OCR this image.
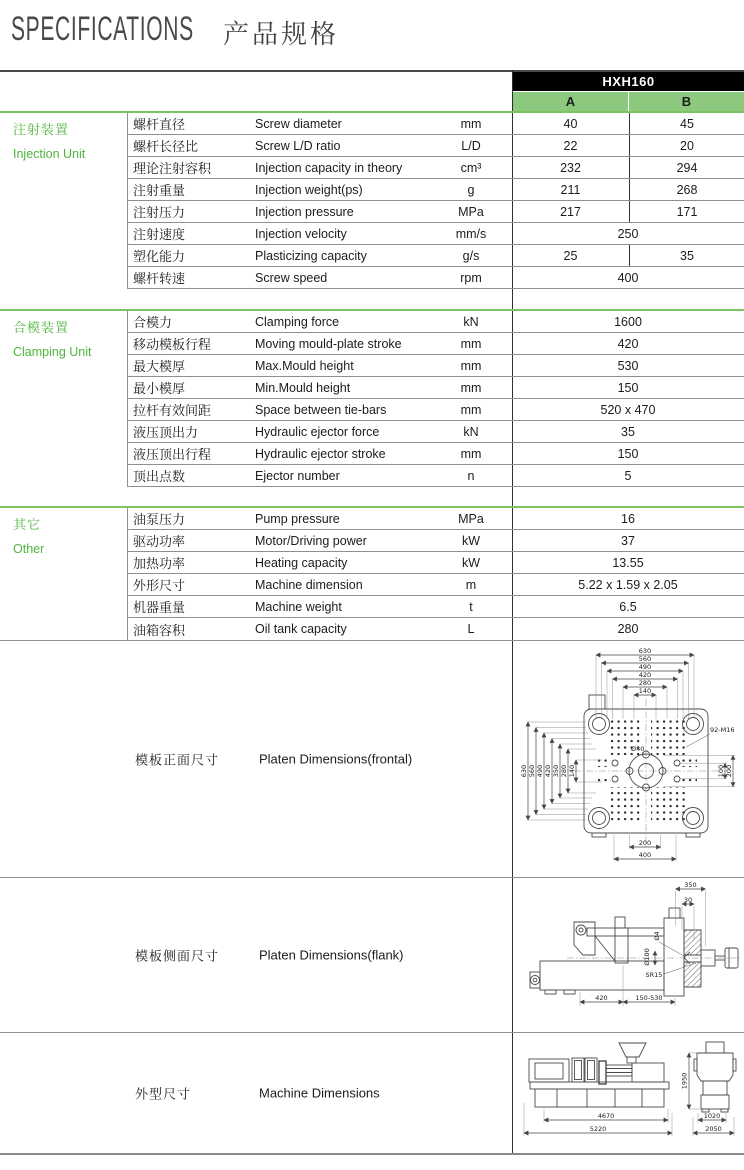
SPECIFICATIONS 产品规格
HXH160
A	B
注射装置
Injection Unit
螺杆直径	Screw diameter	mm	40	45
螺杆长径比	Screw L/D ratio	L/D	22	20
理论注射容积	Injection capacity in theory	cm³	232	294
注射重量	Injection weight(ps)	g	211	268
注射压力	Injection pressure	MPa	217	171
注射速度	Injection velocity	mm/s	250
塑化能力	Plasticizing capacity	g/s	25	35
螺杆转速	Screw speed	rpm	400
合模装置
Clamping Unit
合模力	Clamping force	kN	1600
移动模板行程	Moving mould-plate stroke	mm	420
最大模厚	Max.Mould height	mm	530
最小模厚	Min.Mould height	mm	150
拉杆有效间距	Space between tie-bars	mm	520 x 470
液压顶出力	Hydraulic ejector force	kN	35
液压顶出行程	Hydraulic ejector stroke	mm	150
顶出点数	Ejector number	n	5
其它
Other
油泵压力	Pump pressure	MPa	16
驱动功率	Motor/Driving power	kW	37
加热功率	Heating capacity	kW	13.55
外形尺寸	Machine dimension	m	5.22 x 1.59 x 2.05
机器重量	Machine weight	t	6.5
油箱容积	Oil tank capacity	L	280
模板正面尺寸	Platen Dimensions(frontal)
630
560
490
420
280
140
630 560 490 420 350 280 140	100 200
200
400
92-M16
Ø40
模板侧面尺寸	Platen Dimensions(flank)
350
30
Ø4
Ø100
SR15
420	150-530
外型尺寸	Machine Dimensions
4670
5220
1950
1020
2050
